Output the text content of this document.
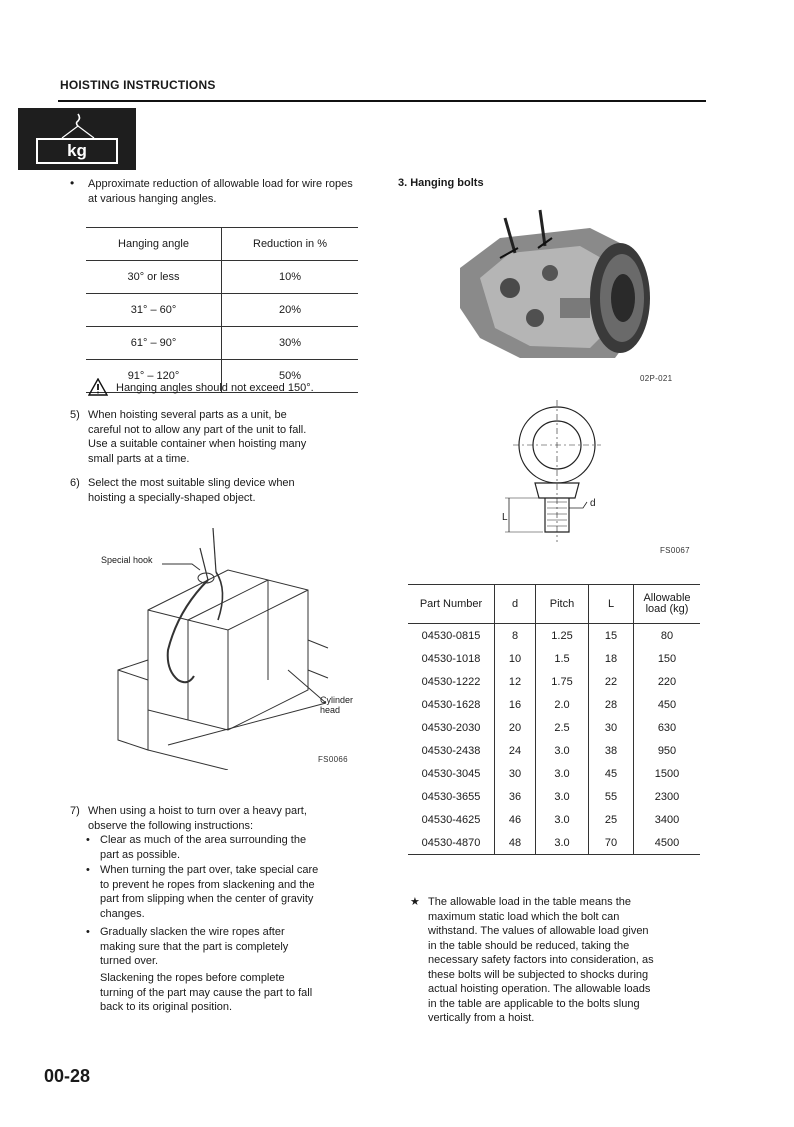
HOISTING INSTRUCTIONS
kg
• Approximate reduction of allowable load for wire ropes at various hanging angles.
Hanging angle	Reduction in %
30° or less	10%
31° – 60°	20%
61° – 90°	30%
91° – 120°	50%
Hanging angles should not exceed 150°.
5) When hoisting several parts as a unit, be
careful not to allow any part of the unit to fall.
Use a suitable container when hoisting many
small parts at a time.
6) Select the most suitable sling device when
hoisting a specially-shaped object.
Special hook
Cylinder
head
FS0066
7) When using a hoist to turn over a heavy part,
observe the following instructions:
• Clear as much of the area surrounding the
part as possible.
• When turning the part over, take special care
to prevent he ropes from slackening and the
part from slipping when the center of gravity
changes.
• Gradually slacken the wire ropes after
making sure that the part is completely
turned over.
Slackening the ropes before complete
turning of the part may cause the part to fall
back to its original position.
3. Hanging bolts
02P-021
d
L
FS0067
Part Number	d	Pitch	L	Allowable
load (kg)

04530-0815	8	1.25	15	80
04530-1018	10	1.5	18	150
04530-1222	12	1.75	22	220
04530-1628	16	2.0	28	450
04530-2030	20	2.5	30	630
04530-2438	24	3.0	38	950
04530-3045	30	3.0	45	1500
04530-3655	36	3.0	55	2300
04530-4625	46	3.0	25	3400
04530-4870	48	3.0	70	4500
★ The allowable load in the table means the
maximum static load which the bolt can
withstand. The values of allowable load given
in the table should be reduced, taking the
necessary safety factors into consideration, as
these bolts will be subjected to shocks during
actual hoisting operation. The allowable loads
in the table are applicable to the bolts slung
vertically from a hoist.
00-28
